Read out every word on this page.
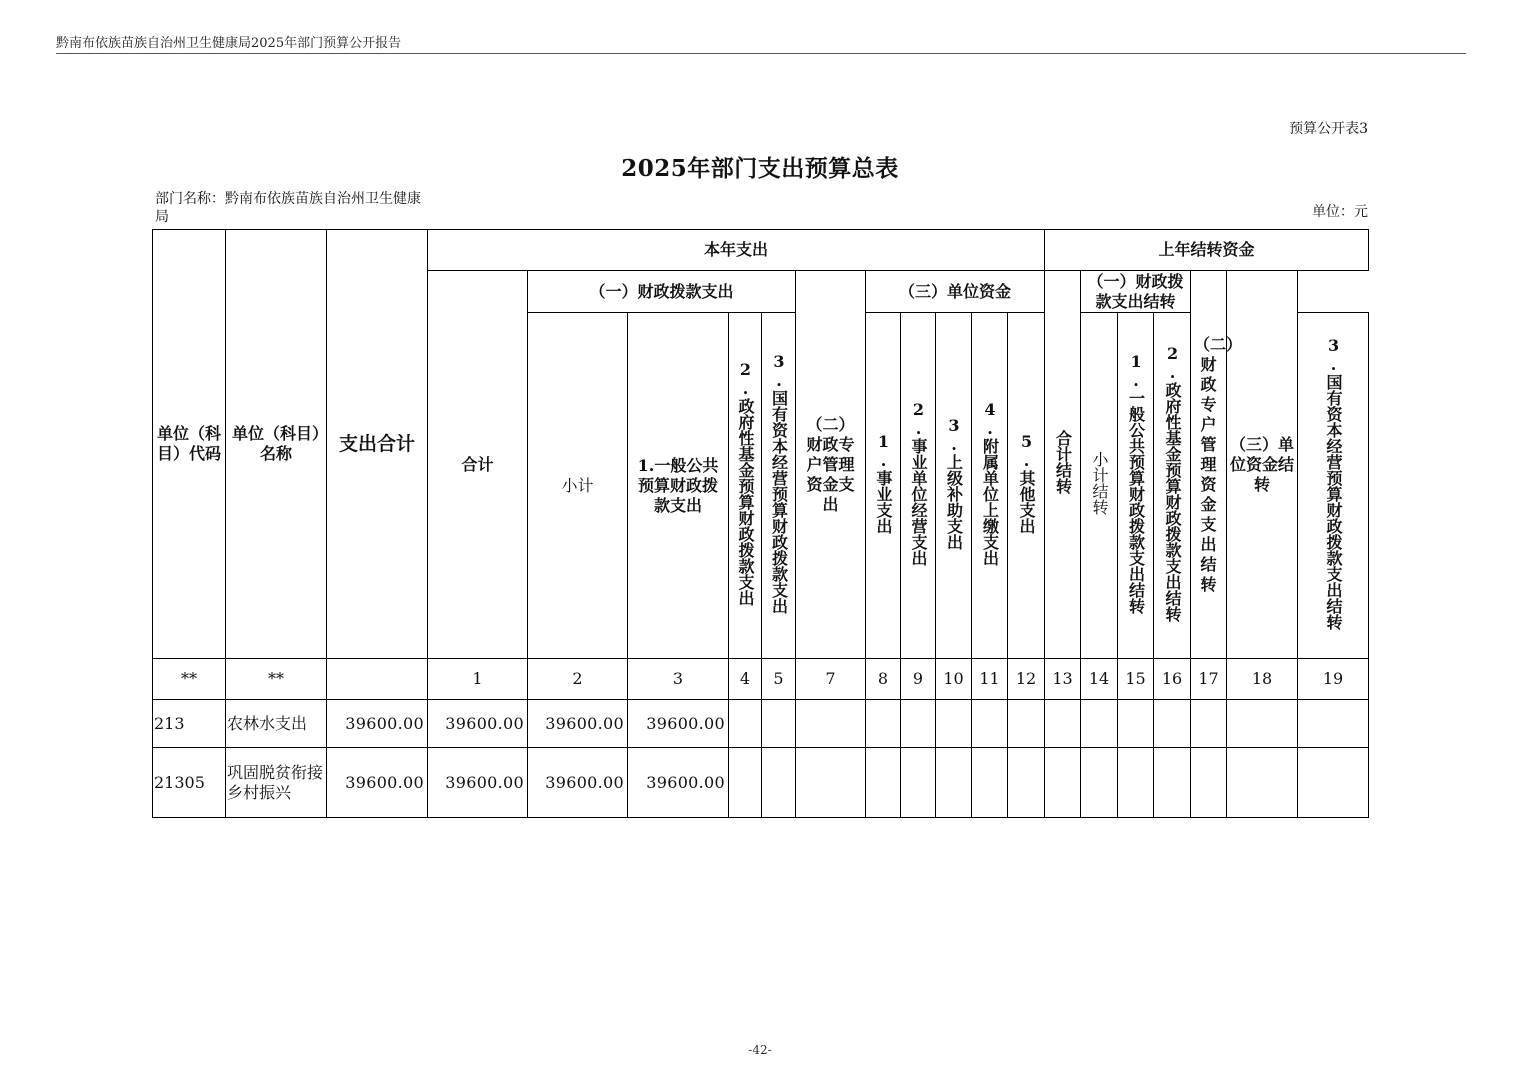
黔南布依族苗族自治州卫生健康局2025年部门预算公开报告
预算公开表3
2025年部门支出预算总表
部门名称：黔南布依族苗族自治州卫生健康局	单位：元
单位（科目）代码	单位（科目）名称	支出合计	本年支出											上年结转资金						
			合计	（一）财政拨款支出				（二）财政专户管理资金支出	（三）单位资金					合计结转	（一）财政拨款支出结转			（二）财政专户管理资金支出结转	（三）单位资金结转	
				小计	1.一般公共预算财政拨款支出	2.政府性基金预算财政拨款支出	3.国有资本经营预算财政拨款支出		1.事业支出	2.事业单位经营支出	3.上级补助支出	4.附属单位上缴支出	5.其他支出		小计结转	1.一般公共预算财政拨款支出结转	2.政府性基金预算财政拨款支出结转			3.国有资本经营预算财政拨款支出结转
**	**		1	2	3	4	5	7	8	9	10	11	12	13	14	15	16	17	18	19
213	农林水支出	39600.00	39600.00	39600.00	39600.00															
21305	巩固脱贫衔接乡村振兴	39600.00	39600.00	39600.00	39600.00															
-42-
